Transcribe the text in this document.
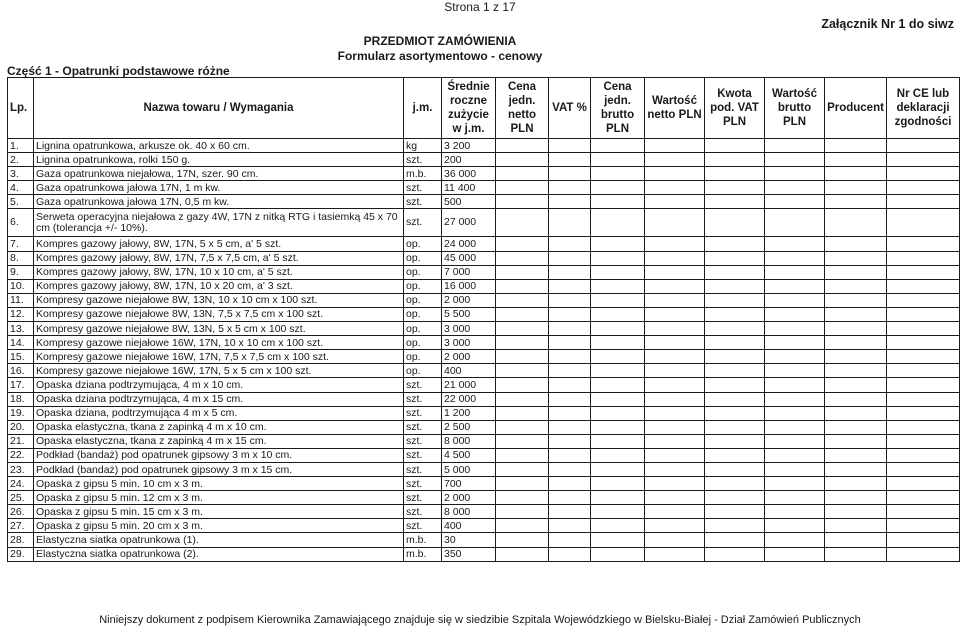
Strona 1 z 17
Załącznik Nr 1 do siwz
PRZEDMIOT ZAMÓWIENIA
Formularz asortymentowo - cenowy
Część 1 - Opatrunki podstawowe różne
Lp.	Nazwa towaru / Wymagania	j.m.	Średnie roczne zużycie w j.m.	Cena jedn. netto PLN	VAT %	Cena jedn. brutto PLN	Wartość netto PLN	Kwota pod. VAT PLN	Wartość brutto PLN	Producent	Nr CE lub deklaracji zgodności
1.	Lignina opatrunkowa, arkusze ok. 40 x 60 cm.	kg	3 200								
2.	Lignina opatrunkowa, rolki 150 g.	szt.	200								
3.	Gaza opatrunkowa niejałowa, 17N, szer. 90 cm.	m.b.	36 000								
4.	Gaza opatrunkowa jałowa 17N, 1 m kw.	szt.	11 400								
5.	Gaza opatrunkowa jałowa 17N, 0,5 m kw.	szt.	500								
6.	Serweta operacyjna niejałowa z gazy 4W, 17N z nitką RTG i tasiemką 45 x 70 cm (tolerancja +/- 10%).	szt.	27 000								
7.	Kompres gazowy jałowy, 8W, 17N, 5 x 5 cm, a' 5 szt.	op.	24 000								
8.	Kompres gazowy jałowy, 8W, 17N, 7,5 x 7,5 cm, a' 5 szt.	op.	45 000								
9.	Kompres gazowy jałowy, 8W, 17N, 10 x 10 cm, a' 5 szt.	op.	7 000								
10.	Kompres gazowy jałowy, 8W, 17N, 10 x 20 cm, a' 3 szt.	op.	16 000								
11.	Kompresy gazowe niejałowe 8W, 13N, 10 x 10 cm x 100 szt.	op.	2 000								
12.	Kompresy gazowe niejałowe 8W, 13N, 7,5 x 7,5 cm x 100 szt.	op.	5 500								
13.	Kompresy gazowe niejałowe 8W, 13N, 5 x 5 cm x 100 szt.	op.	3 000								
14.	Kompresy gazowe niejałowe 16W, 17N, 10 x 10 cm x 100 szt.	op.	3 000								
15.	Kompresy gazowe niejałowe 16W, 17N, 7,5 x 7,5 cm x 100 szt.	op.	2 000								
16.	Kompresy gazowe niejałowe 16W, 17N, 5 x 5 cm x 100 szt.	op.	400								
17.	Opaska dziana podtrzymująca, 4 m x 10 cm.	szt.	21 000								
18.	Opaska dziana podtrzymująca, 4 m x 15 cm.	szt.	22 000								
19.	Opaska dziana, podtrzymująca 4 m x 5 cm.	szt.	1 200								
20.	Opaska elastyczna, tkana z zapinką 4 m x 10 cm.	szt.	2 500								
21.	Opaska elastyczna, tkana z zapinką 4 m x 15 cm.	szt.	8 000								
22.	Podkład (bandaż) pod opatrunek gipsowy 3 m x 10 cm.	szt.	4 500								
23.	Podkład (bandaż) pod opatrunek gipsowy 3 m x 15 cm.	szt.	5 000								
24.	Opaska z gipsu 5 min. 10 cm x 3 m.	szt.	700								
25.	Opaska z gipsu 5 min. 12 cm x 3 m.	szt.	2 000								
26.	Opaska z gipsu 5 min. 15 cm x 3 m.	szt.	8 000								
27.	Opaska z gipsu 5 min. 20 cm x 3 m.	szt.	400								
28.	Elastyczna siatka opatrunkowa (1).	m.b.	30								
29.	Elastyczna siatka opatrunkowa (2).	m.b.	350								
Niniejszy dokument z podpisem Kierownika Zamawiającego znajduje się w siedzibie Szpitala Wojewódzkiego w Bielsku-Białej - Dział Zamówień Publicznych
